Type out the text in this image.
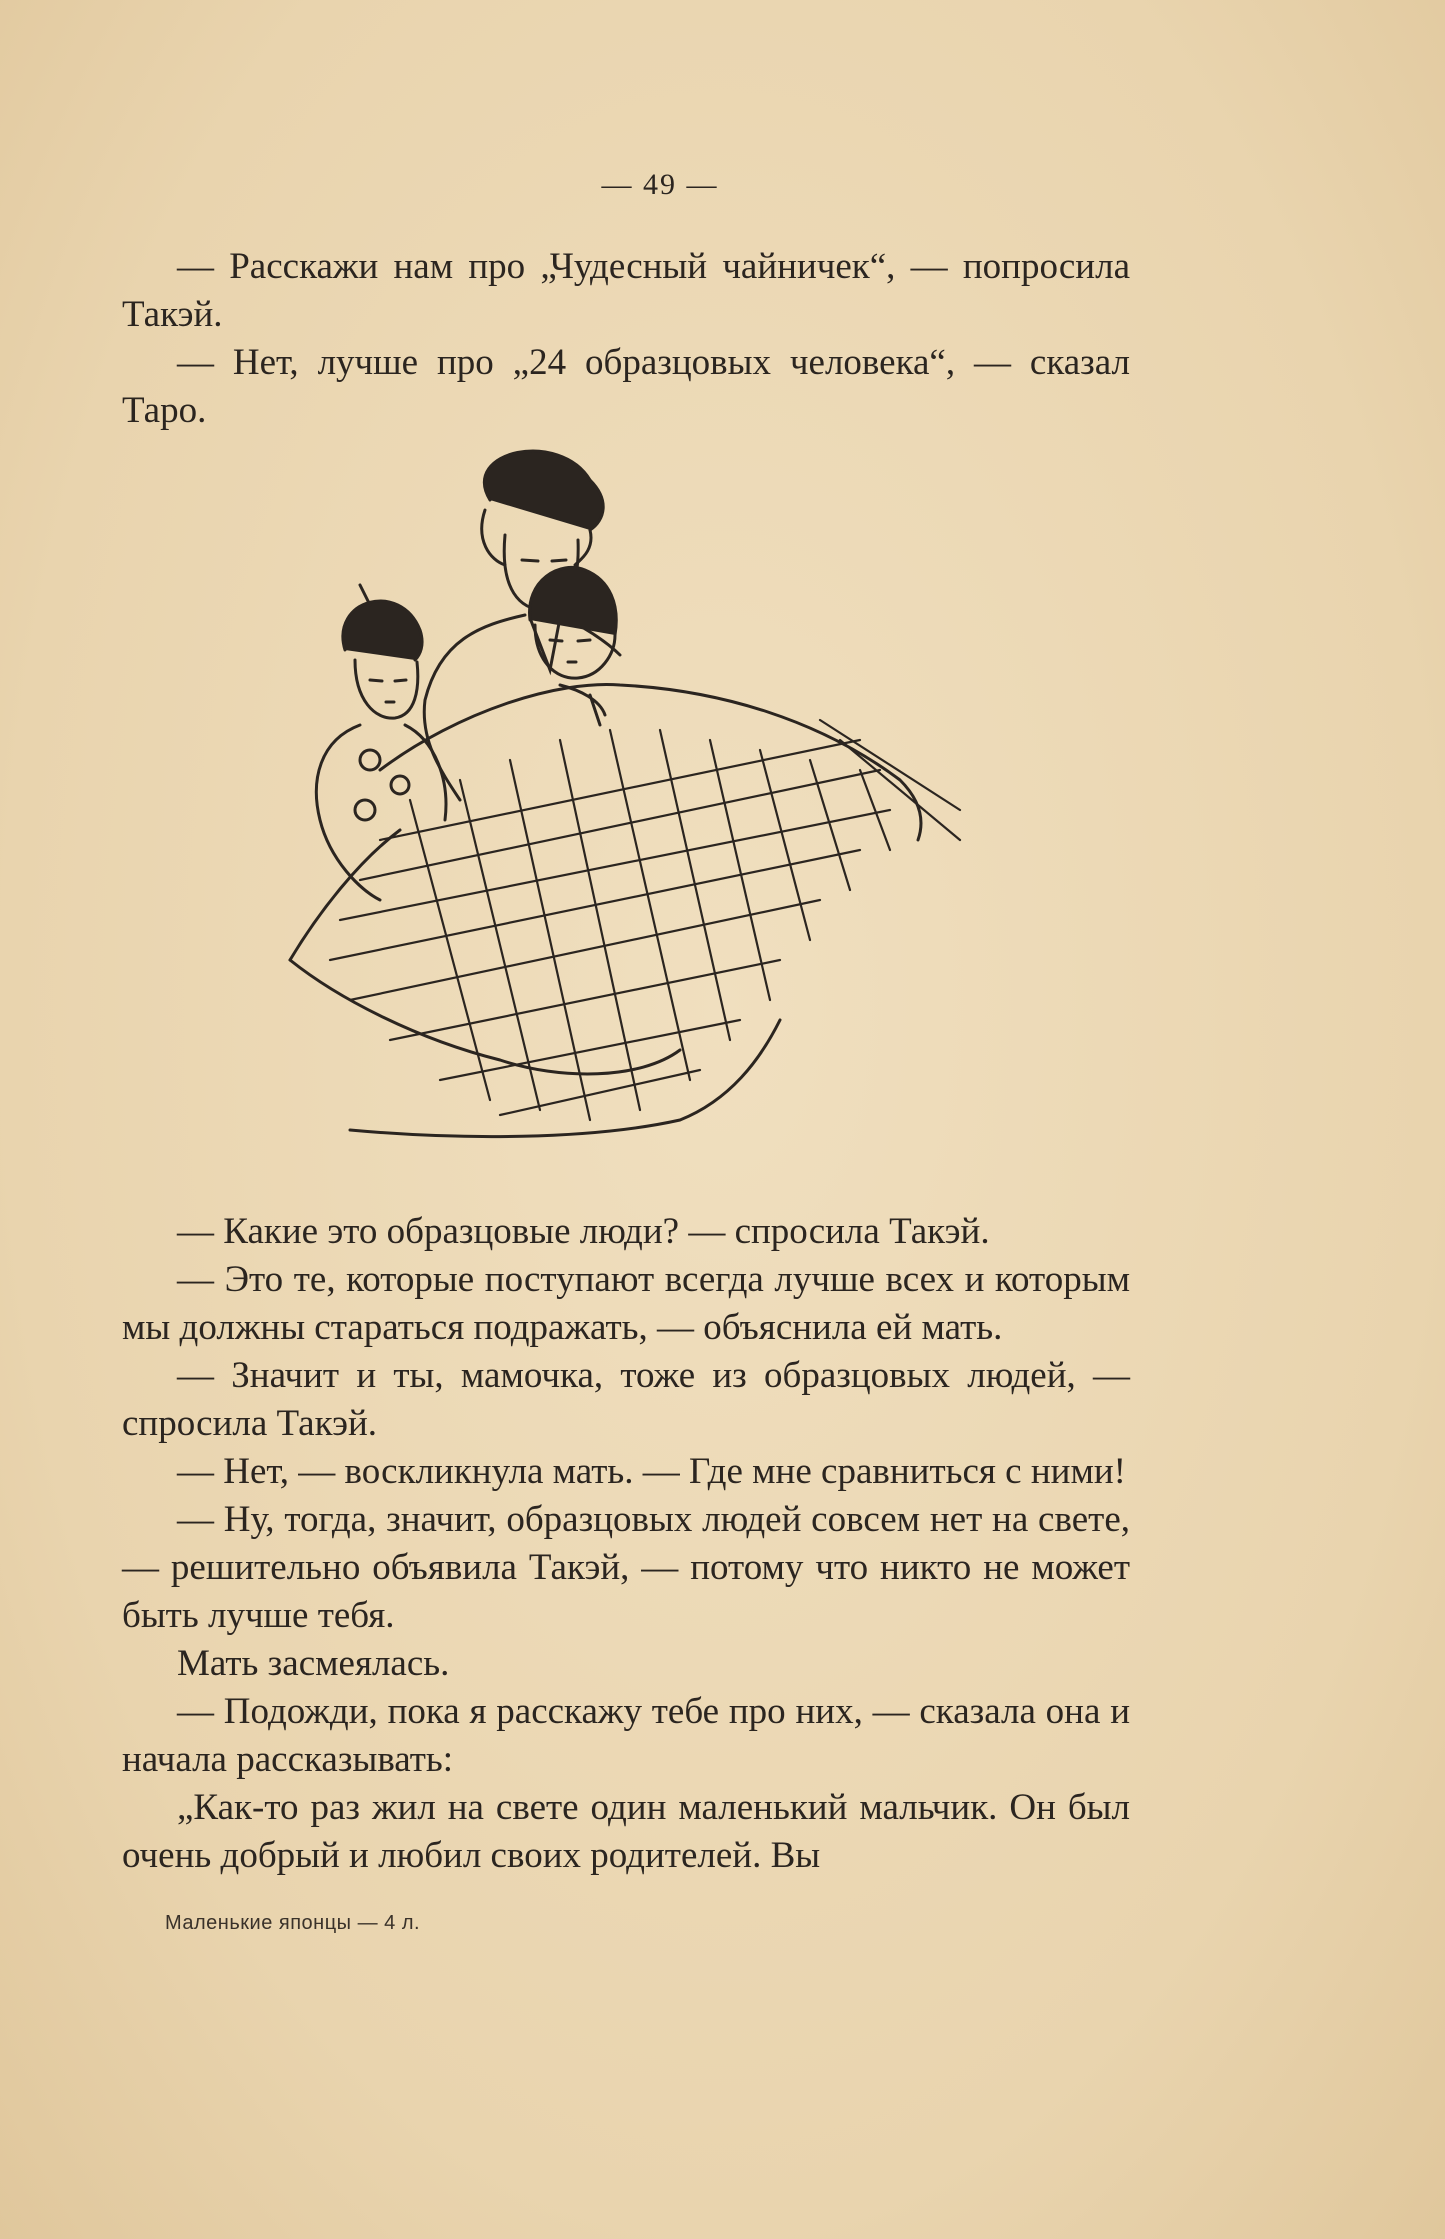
— 49 —

— Расскажи нам про „Чудесный чайничек“, — попросила Такэй.

— Нет, лучше про „24 образцовых человека“, — сказал Таро.

— Какие это образцовые люди? — спросила Такэй.

— Это те, которые поступают всегда лучше всех и которым мы должны стараться подражать, — объяснила ей мать.

— Значит и ты, мамочка, тоже из образцовых людей, — спросила Такэй.

— Нет, — воскликнула мать. — Где мне сравниться с ними!

— Ну, тогда, значит, образцовых людей совсем нет на свете, — решительно объявила Такэй, — потому что никто не может быть лучше тебя.

Мать засмеялась.

— Подожди, пока я расскажу тебе про них, — сказала она и начала рассказывать:

„Как-то раз жил на свете один маленький мальчик. Он был очень добрый и любил своих родителей. Вы

Маленькие японцы — 4 л.
